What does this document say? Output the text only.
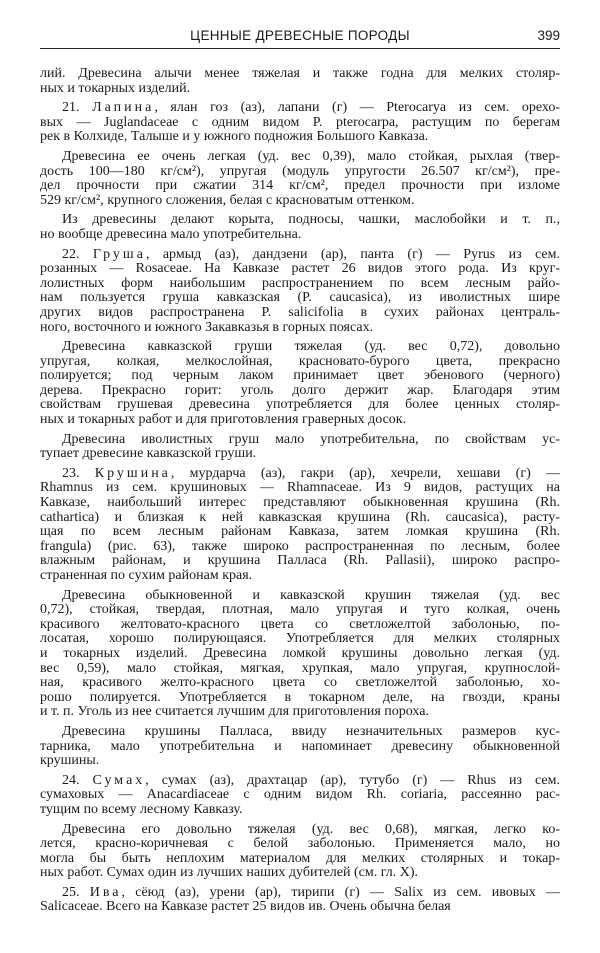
ЦЕННЫЕ ДРЕВЕСНЫЕ ПОРОДЫ	399
лий. Древесина алычи менее тяжелая и также годна для мелких столяр-
ных и токарных изделий.
21. Лапина, ялан гоз (аз), лапани (г) — Pterocarya из сем. орехо-
вых — Juglandaceae с одним видом P. pterocarpa, растущим по берегам
рек в Колхиде, Талыше и у южного подножия Большого Кавказа.
Древесина ее очень легкая (уд. вес 0,39), мало стойкая, рыхлая (твер-
дость 100—180 кг/см²), упругая (модуль упругости 26.507 кг/см²), пре-
дел прочности при сжатии 314 кг/см², предел прочности при изломе
529 кг/см², крупного сложения, белая с красноватым оттенком.
Из древесины делают корыта, подносы, чашки, маслобойки и т. п.,
но вообще древесина мало употребительна.
22. Груша, армыд (аз), дандзени (ар), панта (г) — Pyrus из сем.
розанных — Rosaceae. На Кавказе растет 26 видов этого рода. Из круг-
лолистных форм наибольшим распространением по всем лесным райо-
нам пользуется груша кавказская (P. caucasica), из иволистных шире
других видов распространена P. salicifolia в сухих районах централь-
ного, восточного и южного Закавказья в горных поясах.
Древесина кавказской груши тяжелая (уд. вес 0,72), довольно
упругая, колкая, мелкослойная, красновато-бурого цвета, прекрасно
полируется; под черным лаком принимает цвет эбенового (черного)
дерева. Прекрасно горит: уголь долго держит жар. Благодаря этим
свойствам грушевая древесина употребляется для более ценных столяр-
ных и токарных работ и для приготовления граверных досок.
Древесина иволистных груш мало употребительна, по свойствам ус-
тупает древесине кавказской груши.
23. Крушина, мурдарча (аз), гакри (ар), хечрели, хешави (г) —
Rhamnus из сем. крушиновых — Rhamnaceae. Из 9 видов, растущих на
Кавказе, наибольший интерес представляют обыкновенная крушина (Rh.
cathartica) и близкая к ней кавказская крушина (Rh. caucasica), расту-
щая по всем лесным районам Кавказа, затем ломкая крушина (Rh.
frangula) (рис. 63), также широко распространенная по лесным, более
влажным районам, и крушина Палласа (Rh. Pallasii), широко распро-
страненная по сухим районам края.
Древесина обыкновенной и кавказской крушин тяжелая (уд. вес
0,72), стойкая, твердая, плотная, мало упругая и туго колкая, очень
красивого желтовато-красного цвета со светложелтой заболонью, по-
лосатая, хорошо полирующаяся. Употребляется для мелких столярных
и токарных изделий. Древесина ломкой крушины довольно легкая (уд.
вес 0,59), мало стойкая, мягкая, хрупкая, мало упругая, крупнослой-
ная, красивого желто-красного цвета со светложелтой заболонью, хо-
рошо полируется. Употребляется в токарном деле, на гвозди, краны
и т. п. Уголь из нее считается лучшим для приготовления пороха.
Древесина крушины Палласа, ввиду незначительных размеров кус-
тарника, мало употребительна и напоминает древесину обыкновенной
крушины.
24. Сумах, сумах (аз), драхтацар (ар), тутубо (г) — Rhus из сем.
сумаховых — Anacardiaceae с одним видом Rh. coriaria, рассеянно рас-
тущим по всему лесному Кавказу.
Древесина его довольно тяжелая (уд. вес 0,68), мягкая, легко ко-
лется, красно-коричневая с белой заболонью. Применяется мало, но
могла бы быть неплохим материалом для мелких столярных и токар-
ных работ. Сумах один из лучших наших дубителей (см. гл. X).
25. Ива, сёюд (аз), урени (ар), тирипи (г) — Salix из сем. ивовых —
Salicaceae. Всего на Кавказе растет 25 видов ив. Очень обычна белая
